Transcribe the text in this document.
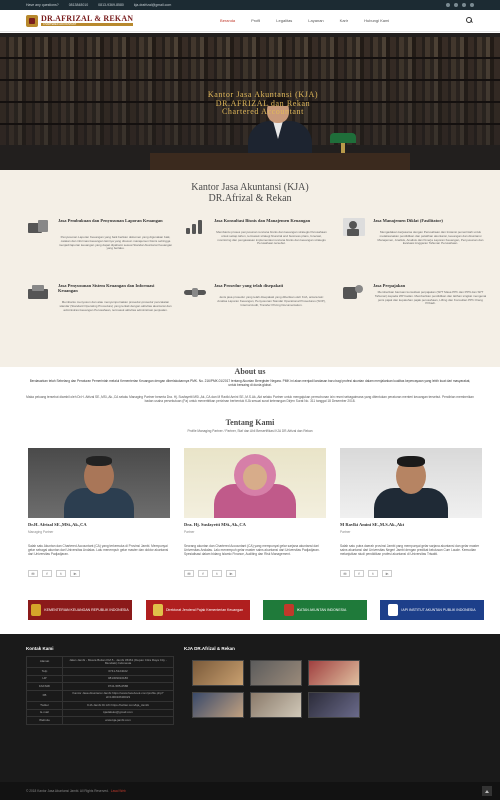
Have any questions?	0813848010	0813-9369-8580	kja.drafrizal@gmail.com
DR.AFRIZAL & REKAN
CHARTERED ACCOUNTANT
Beranda	Profil	Legalitas	Layanan	Karir	Hubungi Kami
Kantor Jasa Akuntansi (KJA)
DR.AFRIZAL dan Rekan
Chartered Accountant
Kantor Jasa Akuntansi (KJA)
DR.Afrizal & Rekan
Jasa Pembukuan dan Penyusunan Laporan Keuangan
Penyusunan Laporan Keuangan yang baik berikan dokumen yang digunakan baik, catatan dan informasi keuangan lainnya yang disusun manajemen bisnis sehingga menjadi laporan keuangan yang dapat dipahami sesuai Standar Akuntansi Keuangan yang berlaku.
Jasa Konsultasi Bisnis dan Manajemen Keuangan
Membantu proses penyusunan rencana bisnis dan keuangan strategis Perusahaan untuk setiap tahun, termasuk strategi financial and business plans, forecast, monitoring dan pengawasan implementasi rencana bisnis dan keuangan strategis Perusahaan tersebut.
Jasa Manajemen Diklat (Fasilitator)
Mengadakan kerjasama dengan Perusahaan dan Instansi pemerintah untuk melaksanakan pendidikan dan pelatihan akuntansi, keuangan dan Akuntansi Manajemen, Analisis, Analisis dan Kinerja Laporan Keuangan, Penyusunan dan Evaluasi Anggaran Tahunan Perusahaan.
Jasa Penyusunan Sistem Keuangan dan Informasi Keuangan
Membantu menyusun dan atau menyempurnakan prosedur-prosedur pencatatan standar (Standard Operating Procedure) yang terkait dengan aktivitas akuntansi dan administrasi keuangan Perusahaan, termasuk aktivitas administrasi penjualan.
Jasa Prosedur yang telah disepakati
Jenis jasa prosedur yang telah disepakati yang diberikan oleh KJA, antara lain: Analisa Laporan Keuangan, Penyusunan Standar Operational Prosedures (SOP), Internal Audit, Transfer Pricing Documentation.
Jasa Perpajakan
Memberikan bantuan konsultasi perpajakan (SPT Masa PPh dan PPN dan SPT Tahunan) kepada WP badan. Memberikan pendidikan dan latihan singkat mengenai jenis pajak dan kepatuhan pajak perusahaan, Lifting dan Konsultan PPh Orang Pribadi.
About us
Berdasarkan telah Sebelang dan Peraturan Pemerintah melalui Kementerian Keuangan dengan diberlakukannya PMK. No. 216/PMK.01/2017 tentang Akuntan Beregister Negara. PMK ini akan menjadi landasan baru bagi profesi akuntan dalam menjalankan kualitas kepercayaan yang lebih kuat dari masyarakat, untuk bersaing di dunia global.
Maka peluang tersebut diambil oleh Dr.H. Afrizal SE.,MSi.,Ak.,CA selaku Managing Partner beserta Dra. Hj. Susfayetti MSi.,Ak.,CA dan M Ravlki Amini SE.,M.S.Ak.,Akt selaku Partner untuk mengajukan permohonan izin resmi sebagaimana yang ditentukan peraturan menteri keuangan tersebut. Pendirian memberikan badan usaha persekutuan (Fa) untuk menerbitkan perizinan berbentuk KJA sesuai surat keterangan Dirjen Surat No. 311 tanggal 18 Desember 2018.
Tentang Kami
Profile Managing Partner / Partner, Staf dan Ahli Bersertifikasi KJA DR.Afrizal dan Rekan
Dr.H. Afrizal SE.,MSi.,Ak.,CA
Managing Partner
Salah satu Akuntan dan Chartered Accountant (CA) yang terkemuka di Provinsi Jambi. Mempunyai gelar sebagai akuntan dari Universitas Andalas. Lalu menempuh gelar master dan doktor akuntansi dari Universitas Padjadjaran.
✉	f	t	in
Dra. Hj. Susfayetti MSi.,Ak.,CA
Partner
Seorang akuntan dan Chartered Accountant (CA) yang mempunyai gelar sarjana akuntansi dari Universitas Andalas. Lalu menempuh gelar master sains akuntansi dari Universitas Padjadjaran. Spesialisasi dalam bidang Islamic Finance, Auditing dan Risk Management.
✉	f	t	in
M Ravlki Amini SE.,M.S.Ak.,Akt
Partner
Salah satu putra daerah provinsi Jambi yang mempunyai gelar sarjana akuntansi dan gelar master sains akuntansi dari Universitas Negeri Jambi dengan predikat kelulusan Cum Laude. Kemudian melanjutkan studi pendidikan profesi akuntansi di Universitas Trisakti.
✉	f	t	in
KEMENTERIAN KEUANGAN REPUBLIK INDONESIA	Direktorat Jenderal Pajak Kementerian Keuangan	IKATAN AKUNTAN INDONESIA	IAPI INSTITUT AKUNTAN PUBLIK INDONESIA
Kontak Kami
Alamat	Jalan Jambi - Muara Bulian KM.5 - Jambi 36361 (Depan Citra Raya City - Mendalo) Indonesia
Telp	0741-5124022
HP	081309010186
FAKSMI	0741-585-0586
FB	Kantor Jasa Akuntansi Jambi https://www.facebook.com/profile.php?id=100016630023
Twitter	KJA Jambi Dr.Afri https://twitter.com/kja_Jambi
E-mail	kjadafeko@gmail.com
Website	www.kja-jambi.com
KJA DR.Afrizal & Rekan
© 2018 Kantor Jasa Akuntansi Jambi. All Rights Reserved. Lasal Web
